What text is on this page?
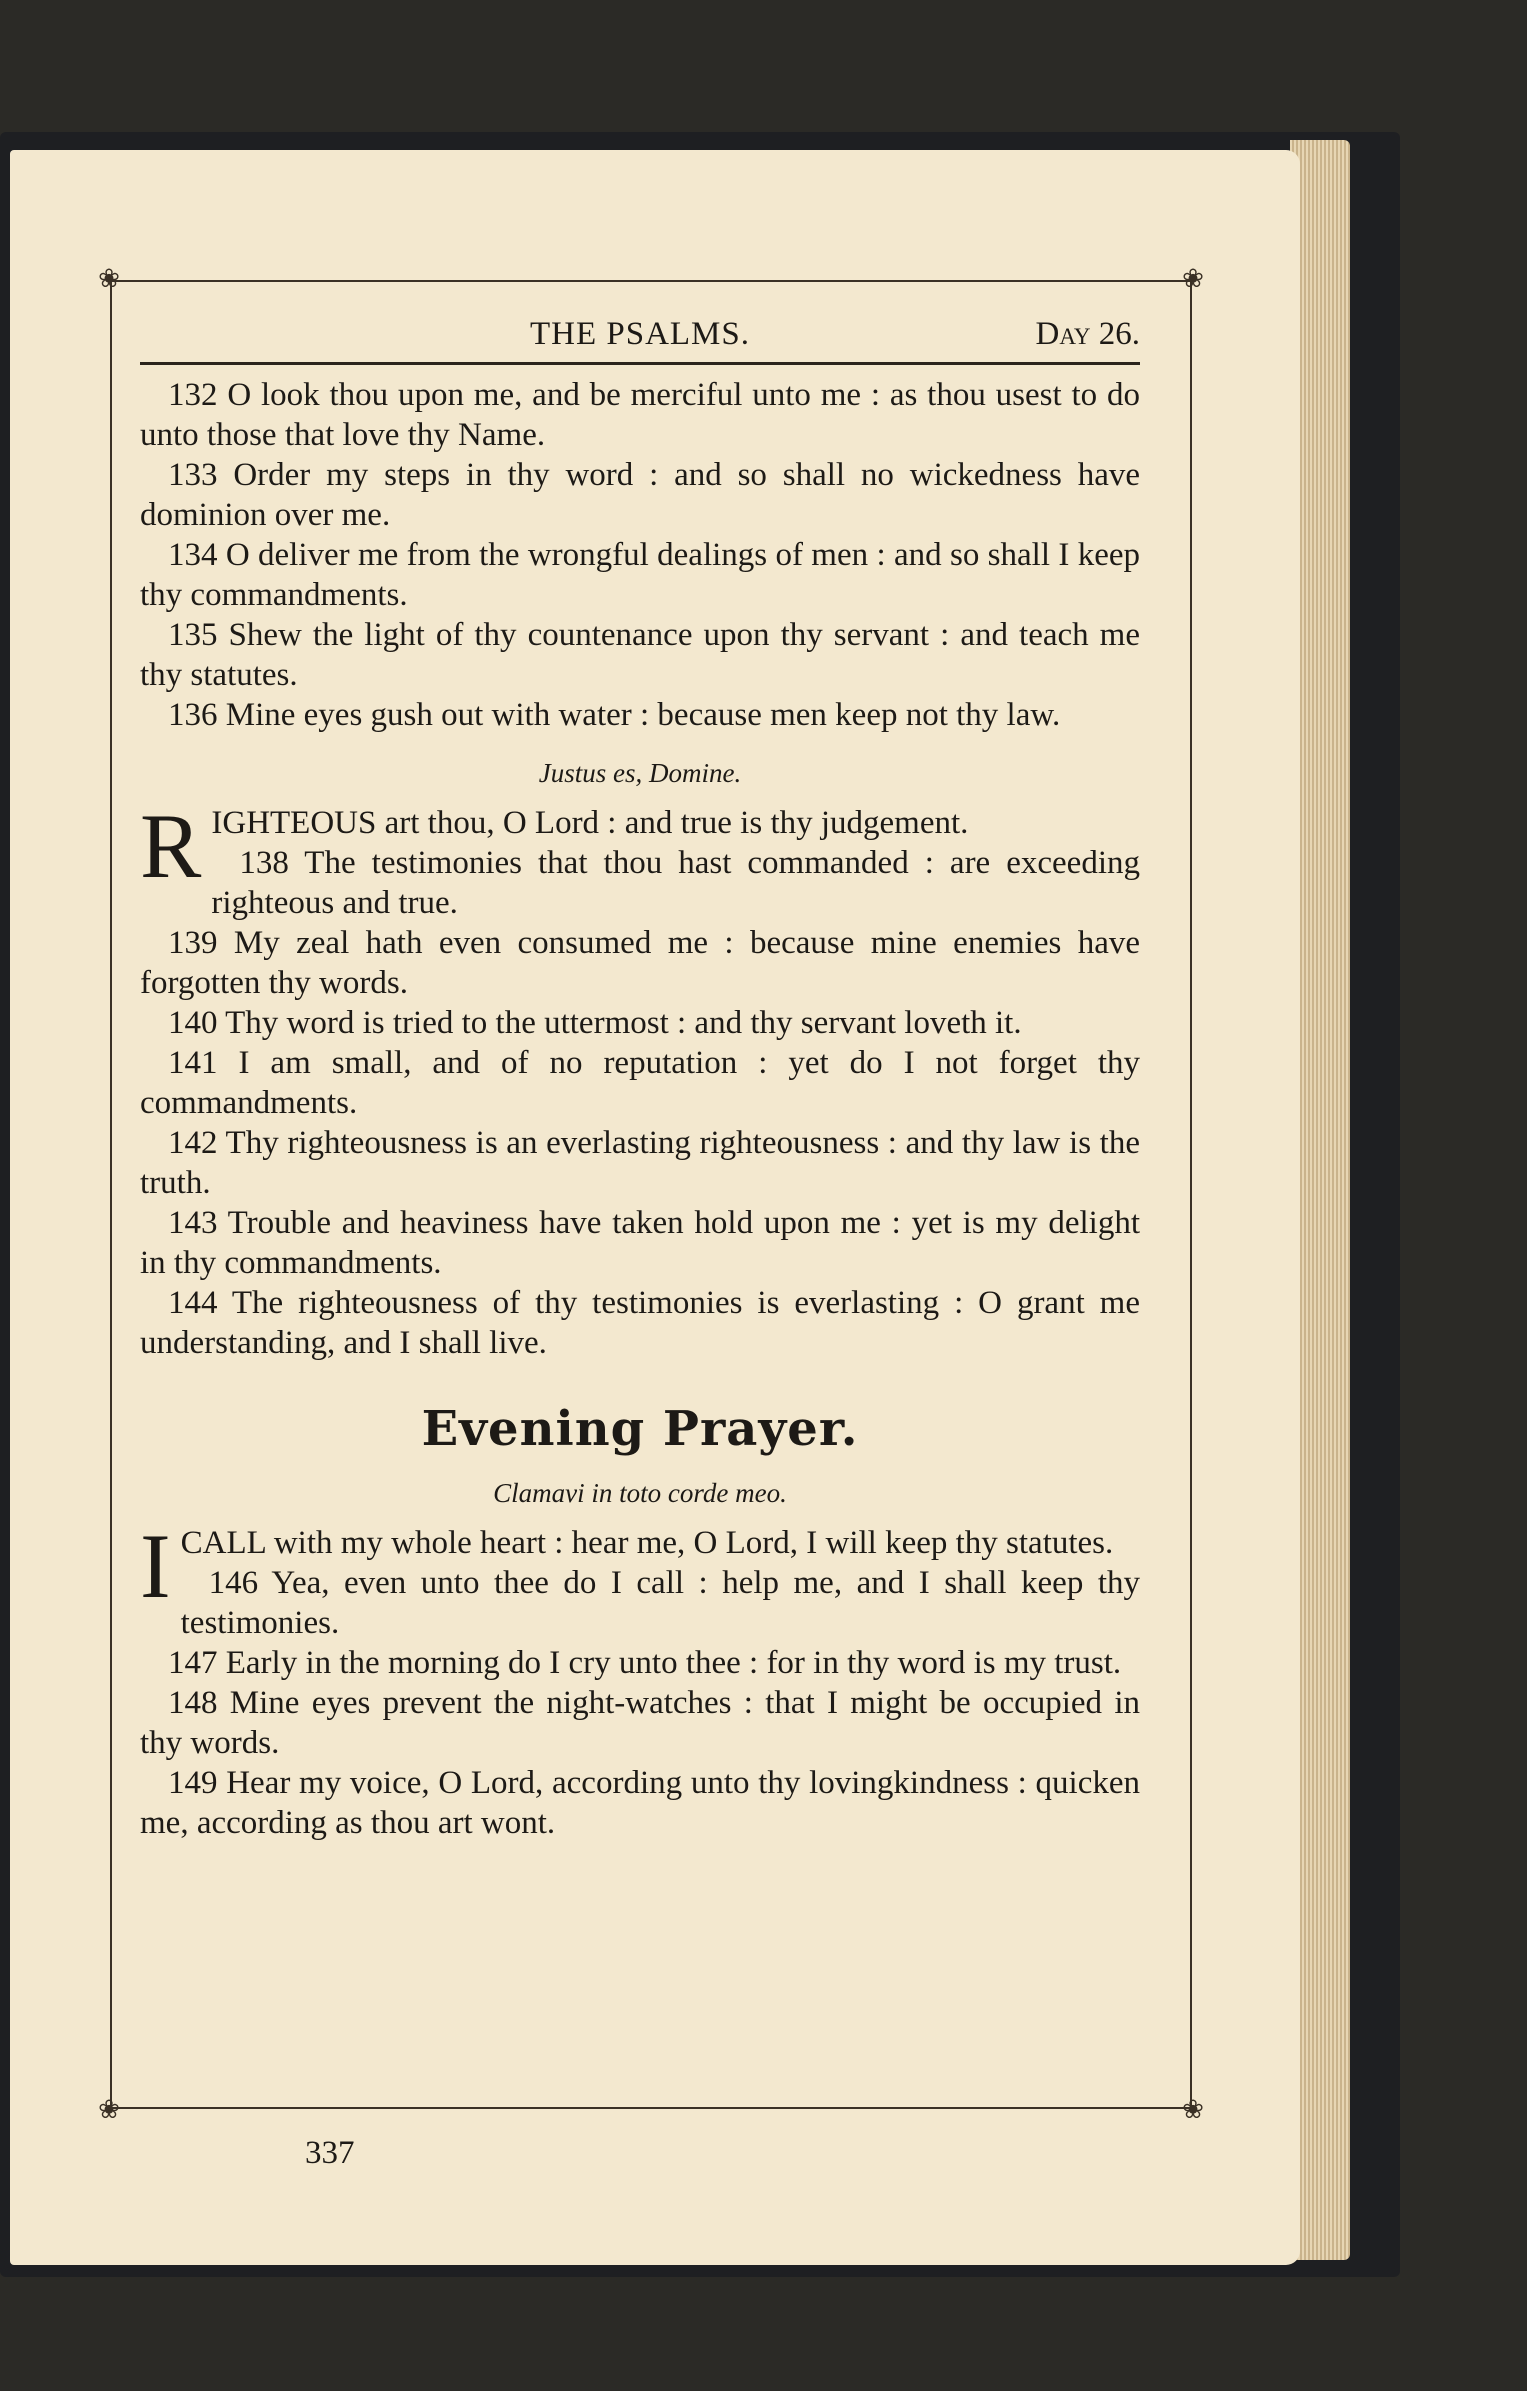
❀	❀
❀	❀
THE PSALMS.	Day 26.

132 O look thou upon me, and be merciful unto me : as thou usest to do unto those that love thy Name.

133 Order my steps in thy word : and so shall no wickedness have dominion over me.

134 O deliver me from the wrongful dealings of men : and so shall I keep thy commandments.

135 Shew the light of thy countenance upon thy servant : and teach me thy statutes.

136 Mine eyes gush out with water : because men keep not thy law.

Justus es, Domine.

RIGHTEOUS art thou, O Lord : and true is thy judgement.

138 The testimonies that thou hast commanded : are exceeding righteous and true.

139 My zeal hath even consumed me : because mine enemies have forgotten thy words.

140 Thy word is tried to the uttermost : and thy servant loveth it.

141 I am small, and of no reputation : yet do I not forget thy commandments.

142 Thy righteousness is an everlasting righteousness : and thy law is the truth.

143 Trouble and heaviness have taken hold upon me : yet is my delight in thy commandments.

144 The righteousness of thy testimonies is everlasting : O grant me understanding, and I shall live.

Evening Prayer.
Clamavi in toto corde meo.

ICALL with my whole heart : hear me, O Lord, I will keep thy statutes.

146 Yea, even unto thee do I call : help me, and I shall keep thy testimonies.

147 Early in the morning do I cry unto thee : for in thy word is my trust.

148 Mine eyes prevent the night-watches : that I might be occupied in thy words.

149 Hear my voice, O Lord, according unto thy lovingkindness : quicken me, according as thou art wont.

337
